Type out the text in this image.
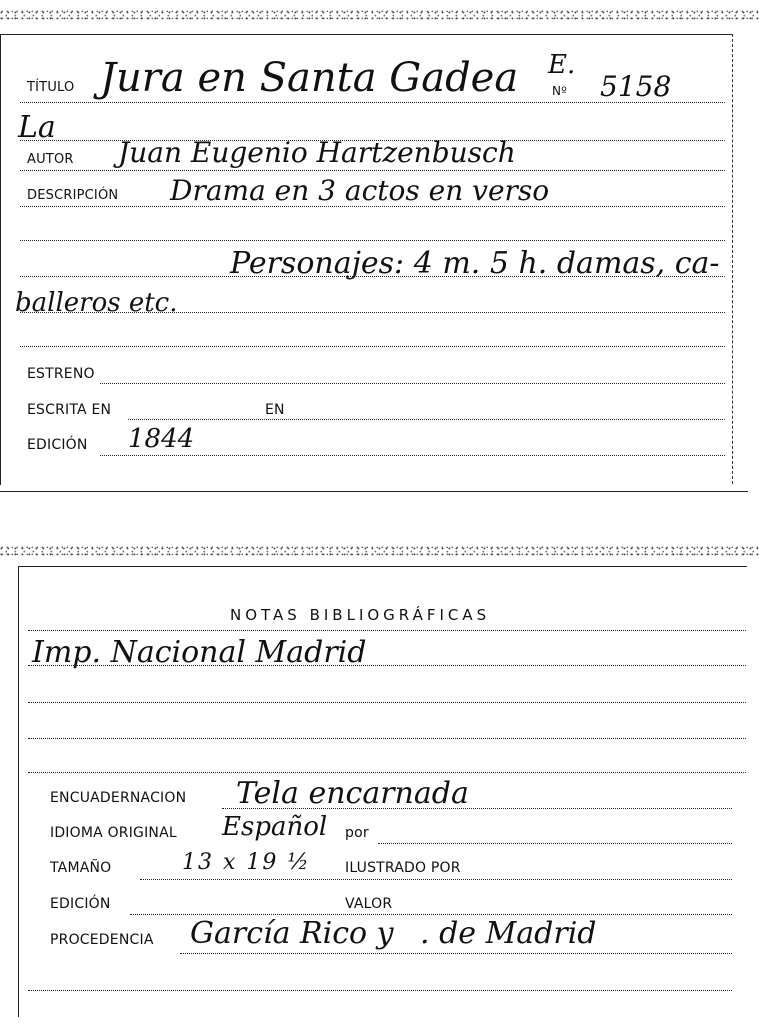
TÍTULO Jura en Santa Gadea E.
Nº 5158
La
AUTOR Juan Eugenio Hartzenbusch
DESCRIPCIÓN Drama en 3 actos en verso
Personajes: 4 m. 5 h. damas, ca-
balleros etc.
ESTRENO
ESCRITA EN	EN
EDICIÓN 1844
NOTAS BIBLIOGRÁFICAS
Imp. Nacional Madrid
ENCUADERNACION Tela encarnada
IDIOMA ORIGINAL Español por
TAMAÑO	13 x 19 ½ ILUSTRADO POR
EDICIÓN	VALOR
PROCEDENCIA García Rico y . de Madrid
